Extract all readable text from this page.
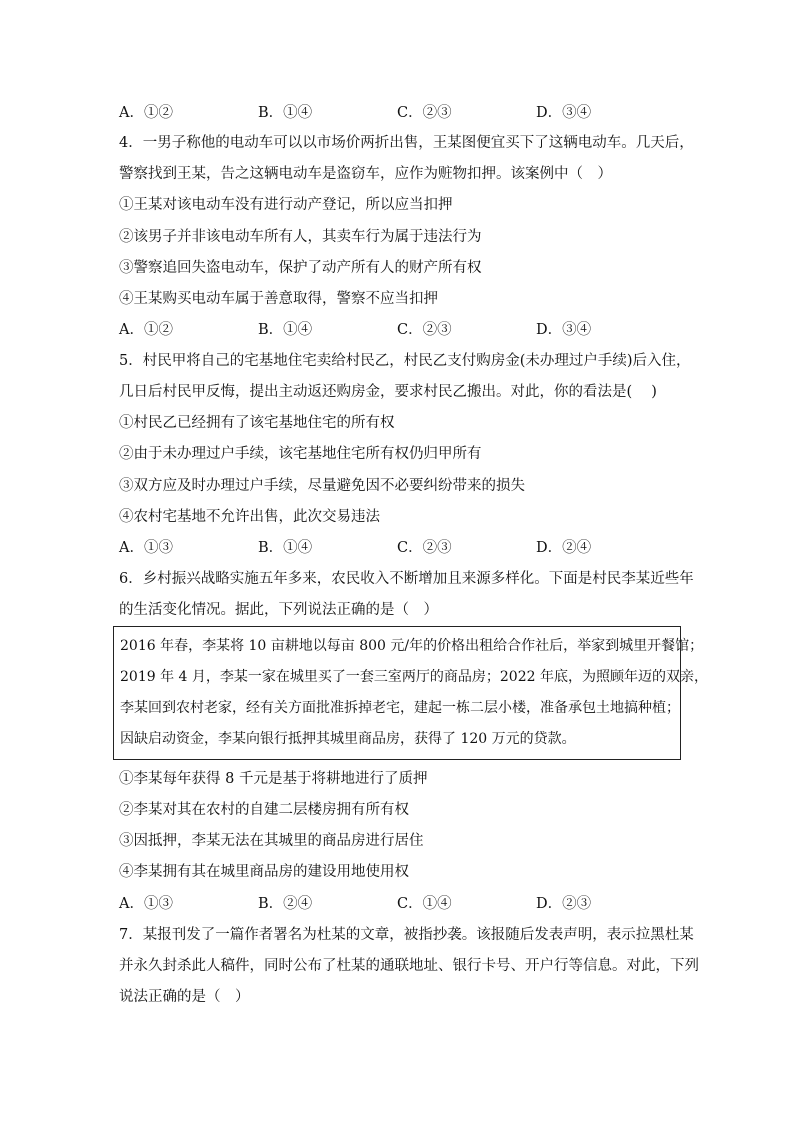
A．①②	B．①④	C．②③	D．③④
4．一男子称他的电动车可以以市场价两折出售，王某图便宜买下了这辆电动车。几天后，
警察找到王某，告之这辆电动车是盗窃车，应作为赃物扣押。该案例中（　）
①王某对该电动车没有进行动产登记，所以应当扣押
②该男子并非该电动车所有人，其卖车行为属于违法行为
③警察追回失盗电动车，保护了动产所有人的财产所有权
④王某购买电动车属于善意取得，警察不应当扣押
A．①②	B．①④	C．②③	D．③④
5．村民甲将自己的宅基地住宅卖给村民乙，村民乙支付购房金(未办理过户手续)后入住，
几日后村民甲反悔，提出主动返还购房金，要求村民乙搬出。对此，你的看法是(　 )
①村民乙已经拥有了该宅基地住宅的所有权
②由于未办理过户手续，该宅基地住宅所有权仍归甲所有
③双方应及时办理过户手续，尽量避免因不必要纠纷带来的损失
④农村宅基地不允许出售，此次交易违法
A．①③	B．①④	C．②③	D．②④
6．乡村振兴战略实施五年多来，农民收入不断增加且来源多样化。下面是村民李某近些年
的生活变化情况。据此，下列说法正确的是（　）
2016 年春，李某将 10 亩耕地以每亩 800 元/年的价格出租给合作社后，举家到城里开餐馆；
2019 年 4 月，李某一家在城里买了一套三室两厅的商品房；2022 年底，为照顾年迈的双亲，
李某回到农村老家，经有关方面批准拆掉老宅，建起一栋二层小楼，准备承包土地搞种植；
因缺启动资金，李某向银行抵押其城里商品房，获得了 120 万元的贷款。
①李某每年获得 8 千元是基于将耕地进行了质押
②李某对其在农村的自建二层楼房拥有所有权
③因抵押，李某无法在其城里的商品房进行居住
④李某拥有其在城里商品房的建设用地使用权
A．①③	B．②④	C．①④	D．②③
7．某报刊发了一篇作者署名为杜某的文章，被指抄袭。该报随后发表声明，表示拉黑杜某
并永久封杀此人稿件，同时公布了杜某的通联地址、银行卡号、开户行等信息。对此，下列
说法正确的是（　）
